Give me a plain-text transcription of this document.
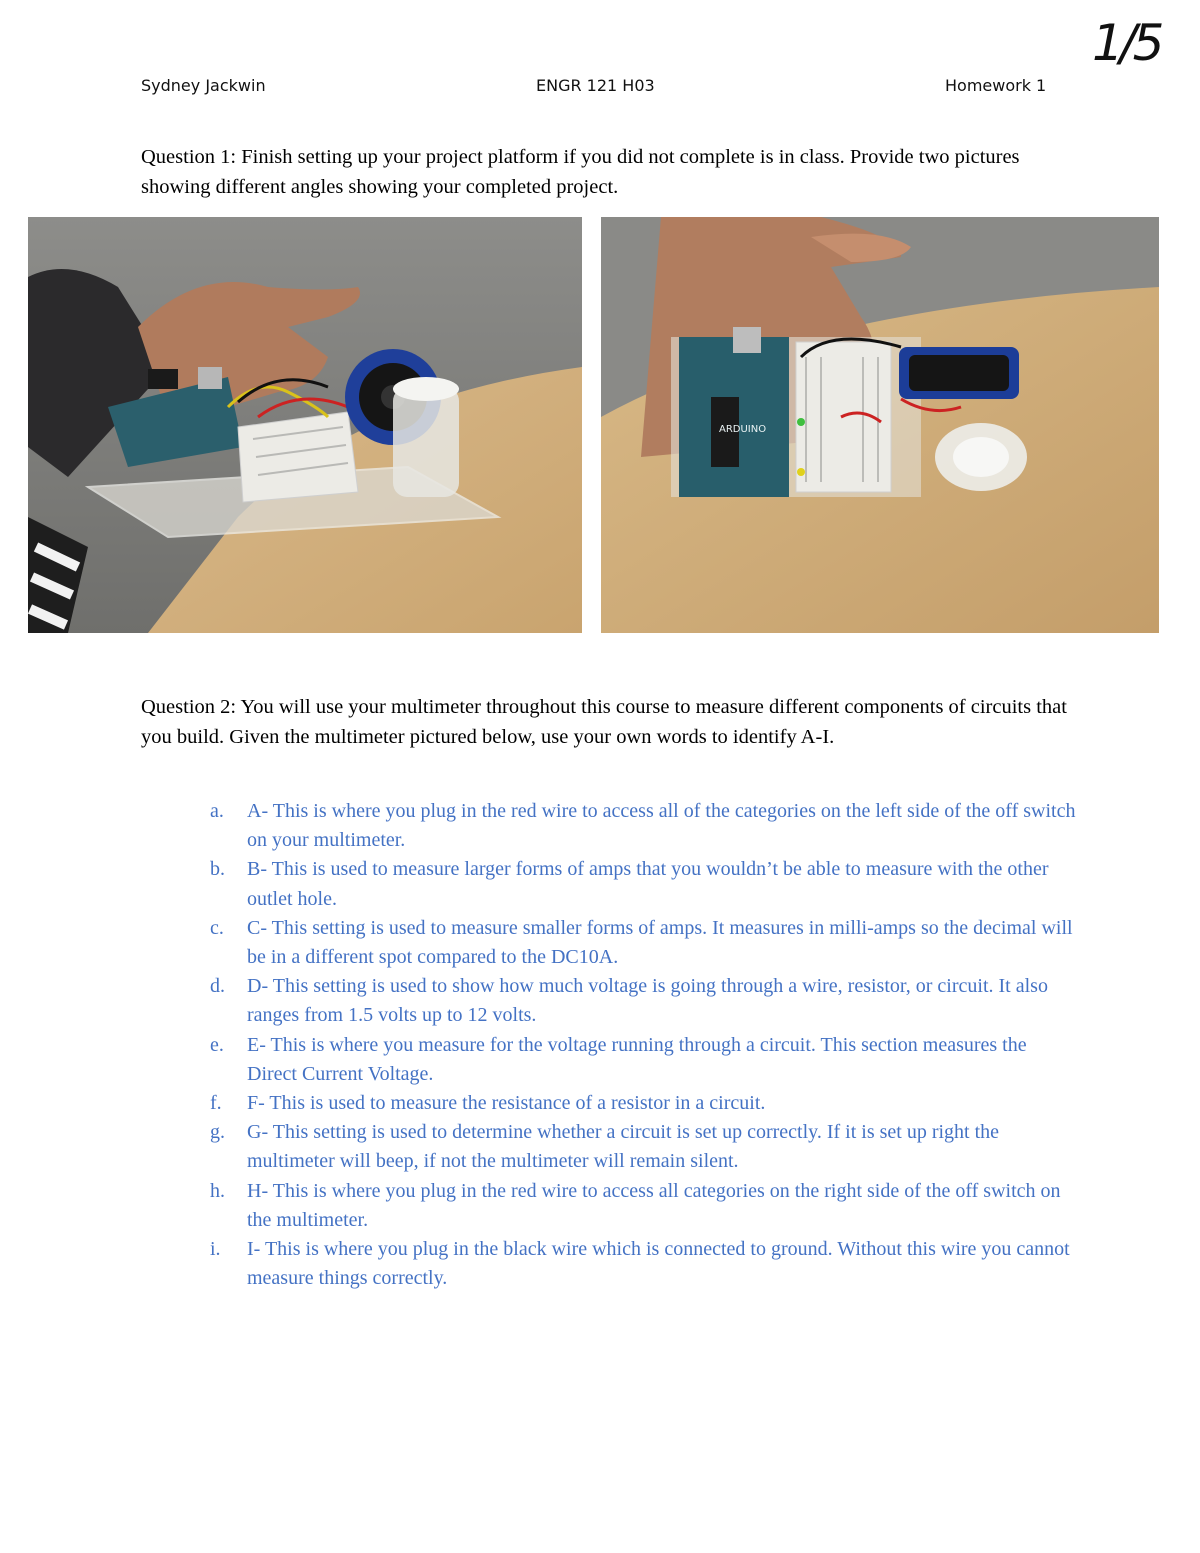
Sydney Jackwin	ENGR 121 H03	Homework 1
1/5
Question 1: Finish setting up your project platform if you did not complete is in class. Provide two pictures showing different angles showing your completed project.
ARDUINO
Question 2: You will use your multimeter throughout this course to measure different components of circuits that you build. Given the multimeter pictured below, use your own words to identify A-I.
a.	A- This is where you plug in the red wire to access all of the categories on the left side of the off switch on your multimeter.
b.	B- This is used to measure larger forms of amps that you wouldn’t be able to measure with the other outlet hole.
c.	C- This setting is used to measure smaller forms of amps. It measures in milli-amps so the decimal will be in a different spot compared to the DC10A.
d.	D- This setting is used to show how much voltage is going through a wire, resistor, or circuit. It also ranges from 1.5 volts up to 12 volts.
e.	E- This is where you measure for the voltage running through a circuit. This section measures the Direct Current Voltage.
f.	F- This is used to measure the resistance of a resistor in a circuit.
g.	G- This setting is used to determine whether a circuit is set up correctly. If it is set up right the multimeter will beep, if not the multimeter will remain silent.
h.	H- This is where you plug in the red wire to access all categories on the right side of the off switch on the multimeter.
i.	I- This is where you plug in the black wire which is connected to ground. Without this wire you cannot measure things correctly.
